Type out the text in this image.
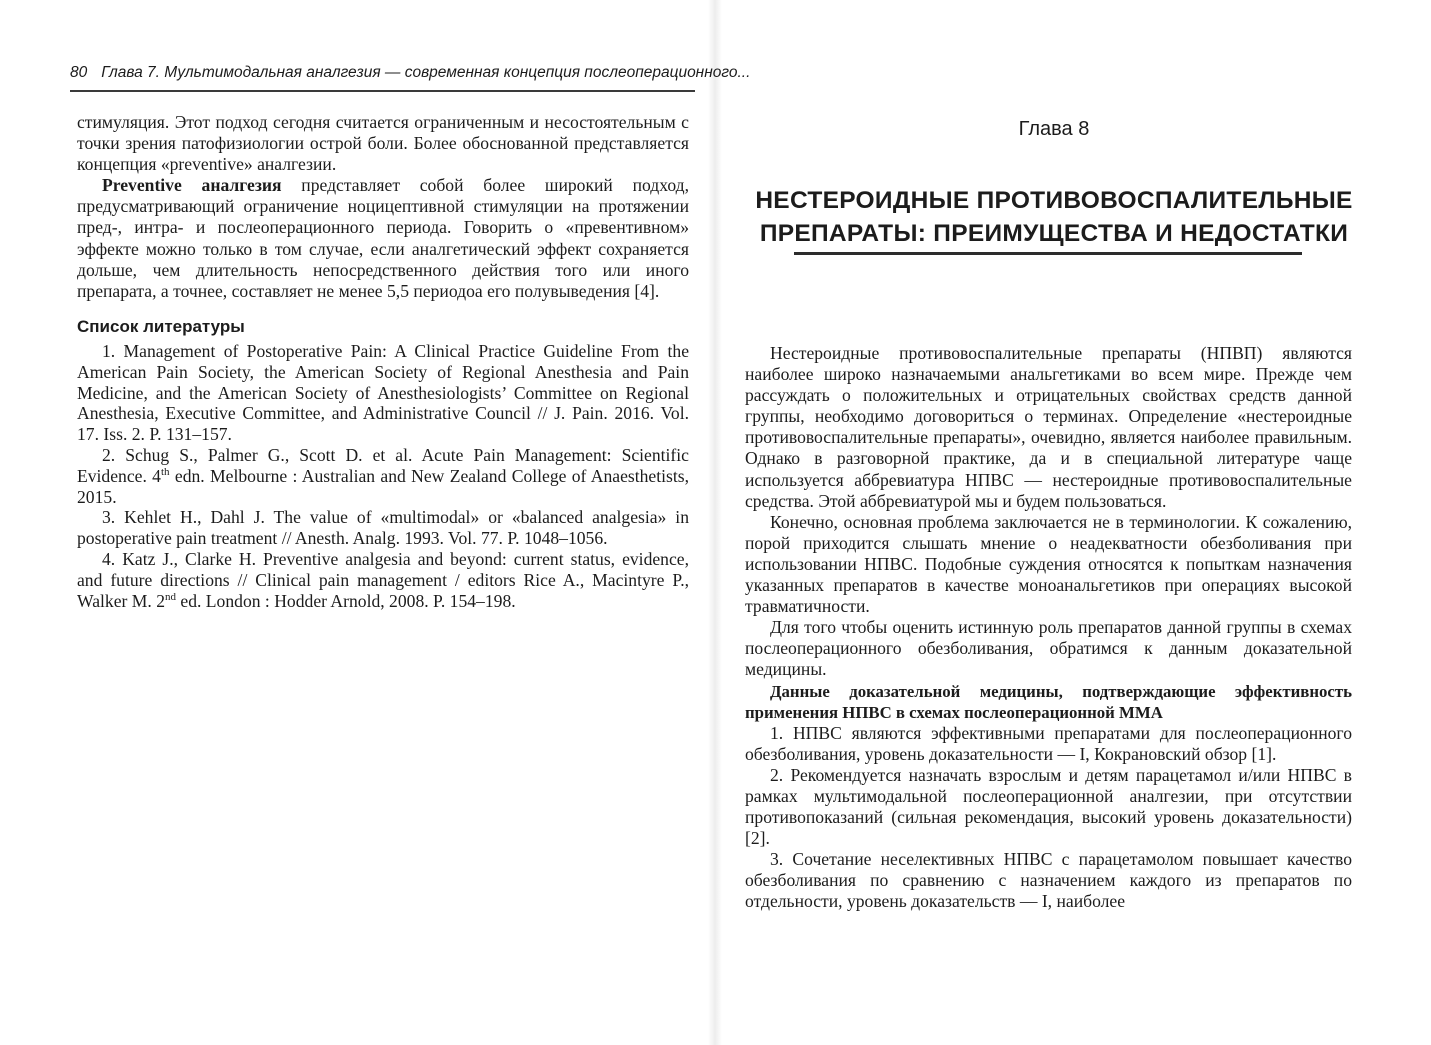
80 Глава 7. Мультимодальная аналгезия — современная концепция послеоперационного...

стимуляция. Этот подход сегодня считается ограниченным и несостоятельным с точки зрения патофизиологии острой боли. Более обоснованной представляется концепция «preventive» аналгезии.

Preventive аналгезия представляет собой более широкий подход, предусматривающий ограничение ноцицептивной стимуляции на протяжении пред-, интра- и послеоперационного периода. Говорить о «превентивном» эффекте можно только в том случае, если аналгетический эффект сохраняется дольше, чем длительность непосредственного действия того или иного препарата, а точнее, составляет не менее 5,5 периодоа его полувыведения [4].

Список литературы

1. Management of Postoperative Pain: A Clinical Practice Guideline From the American Pain Society, the American Society of Regional Anesthesia and Pain Medicine, and the American Society of Anesthesiologists’ Committee on Regional Anesthesia, Executive Committee, and Administrative Council // J. Pain. 2016. Vol. 17. Iss. 2. P. 131–157.

2. Schug S., Palmer G., Scott D. et al. Acute Pain Management: Scientific Evidence. 4th edn. Melbourne : Australian and New Zealand College of Anaesthetists, 2015.

3. Kehlet H., Dahl J. The value of «multimodal» or «balanced analgesia» in postoperative pain treatment // Anesth. Analg. 1993. Vol. 77. P. 1048–1056.

4. Katz J., Clarke H. Preventive analgesia and beyond: current status, evidence, and future directions // Clinical pain management / editors Rice A., Macintyre P., Walker M. 2nd ed. London : Hodder Arnold, 2008. P. 154–198.

Глава 8
НЕСТЕРОИДНЫЕ ПРОТИВОВОСПАЛИТЕЛЬНЫЕ
ПРЕПАРАТЫ: ПРЕИМУЩЕСТВА И НЕДОСТАТКИ

Нестероидные противовоспалительные препараты (НПВП) являются наиболее широко назначаемыми анальгетиками во всем мире. Прежде чем рассуждать о положительных и отрицательных свойствах средств данной группы, необходимо договориться о терминах. Определение «нестероидные противовоспалительные препараты», очевидно, является наиболее правильным. Однако в разговорной практике, да и в специальной литературе чаще используется аббревиатура НПВС — нестероидные противовоспалительные средства. Этой аббревиатурой мы и будем пользоваться.

Конечно, основная проблема заключается не в терминологии. К сожалению, порой приходится слышать мнение о неадекватности обезболивания при использовании НПВС. Подобные суждения относятся к попыткам назначения указанных препаратов в качестве моноанальгетиков при операциях высокой травматичности.

Для того чтобы оценить истинную роль препаратов данной группы в схемах послеоперационного обезболивания, обратимся к данным доказательной медицины.

Данные доказательной медицины, подтверждающие эффективность применения НПВС в схемах послеоперационной ММА

1. НПВС являются эффективными препаратами для послеоперационного обезболивания, уровень доказательности — I, Кокрановский обзор [1].

2. Рекомендуется назначать взрослым и детям парацетамол и/или НПВС в рамках мультимодальной послеоперационной аналгезии, при отсутствии противопоказаний (сильная рекомендация, высокий уровень доказательности) [2].

3. Сочетание неселективных НПВС с парацетамолом повышает качество обезболивания по сравнению с назначением каждого из препаратов по отдельности, уровень доказательств — I, наиболее
